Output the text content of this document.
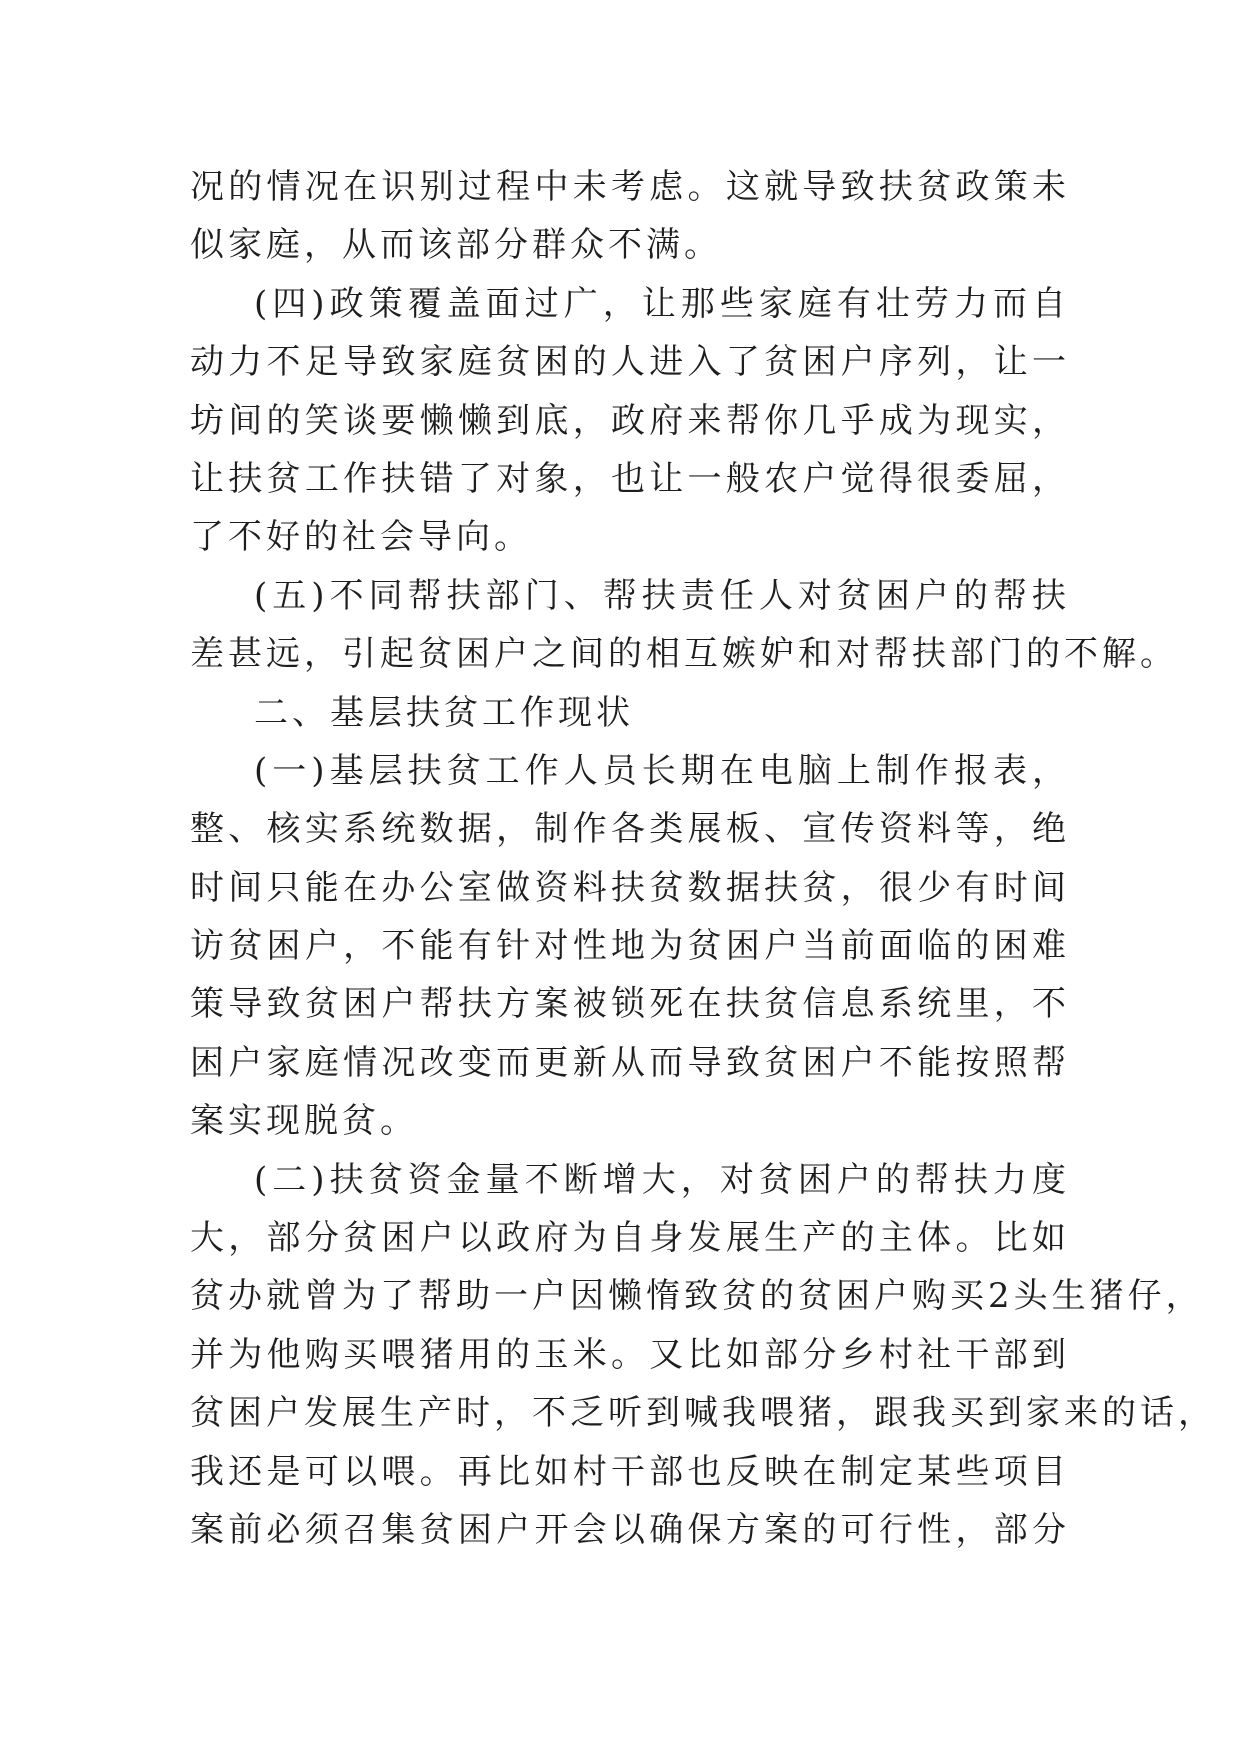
况的情况在识别过程中未考虑。这就导致扶贫政策未
似家庭，从而该部分群众不满。
(四)政策覆盖面过广，让那些家庭有壮劳力而自
动力不足导致家庭贫困的人进入了贫困户序列，让一
坊间的笑谈要懒懒到底，政府来帮你几乎成为现实，
让扶贫工作扶错了对象，也让一般农户觉得很委屈，
了不好的社会导向。
(五)不同帮扶部门、帮扶责任人对贫困户的帮扶
差甚远，引起贫困户之间的相互嫉妒和对帮扶部门的不解。
二、基层扶贫工作现状
(一)基层扶贫工作人员长期在电脑上制作报表，
整、核实系统数据，制作各类展板、宣传资料等，绝
时间只能在办公室做资料扶贫数据扶贫，很少有时间
访贫困户，不能有针对性地为贫困户当前面临的困难
策导致贫困户帮扶方案被锁死在扶贫信息系统里，不
困户家庭情况改变而更新从而导致贫困户不能按照帮
案实现脱贫。
(二)扶贫资金量不断增大，对贫困户的帮扶力度
大，部分贫困户以政府为自身发展生产的主体。比如
贫办就曾为了帮助一户因懒惰致贫的贫困户购买2头生猪仔，
并为他购买喂猪用的玉米。又比如部分乡村社干部到
贫困户发展生产时，不乏听到喊我喂猪，跟我买到家来的话，
我还是可以喂。再比如村干部也反映在制定某些项目
案前必须召集贫困户开会以确保方案的可行性，部分
